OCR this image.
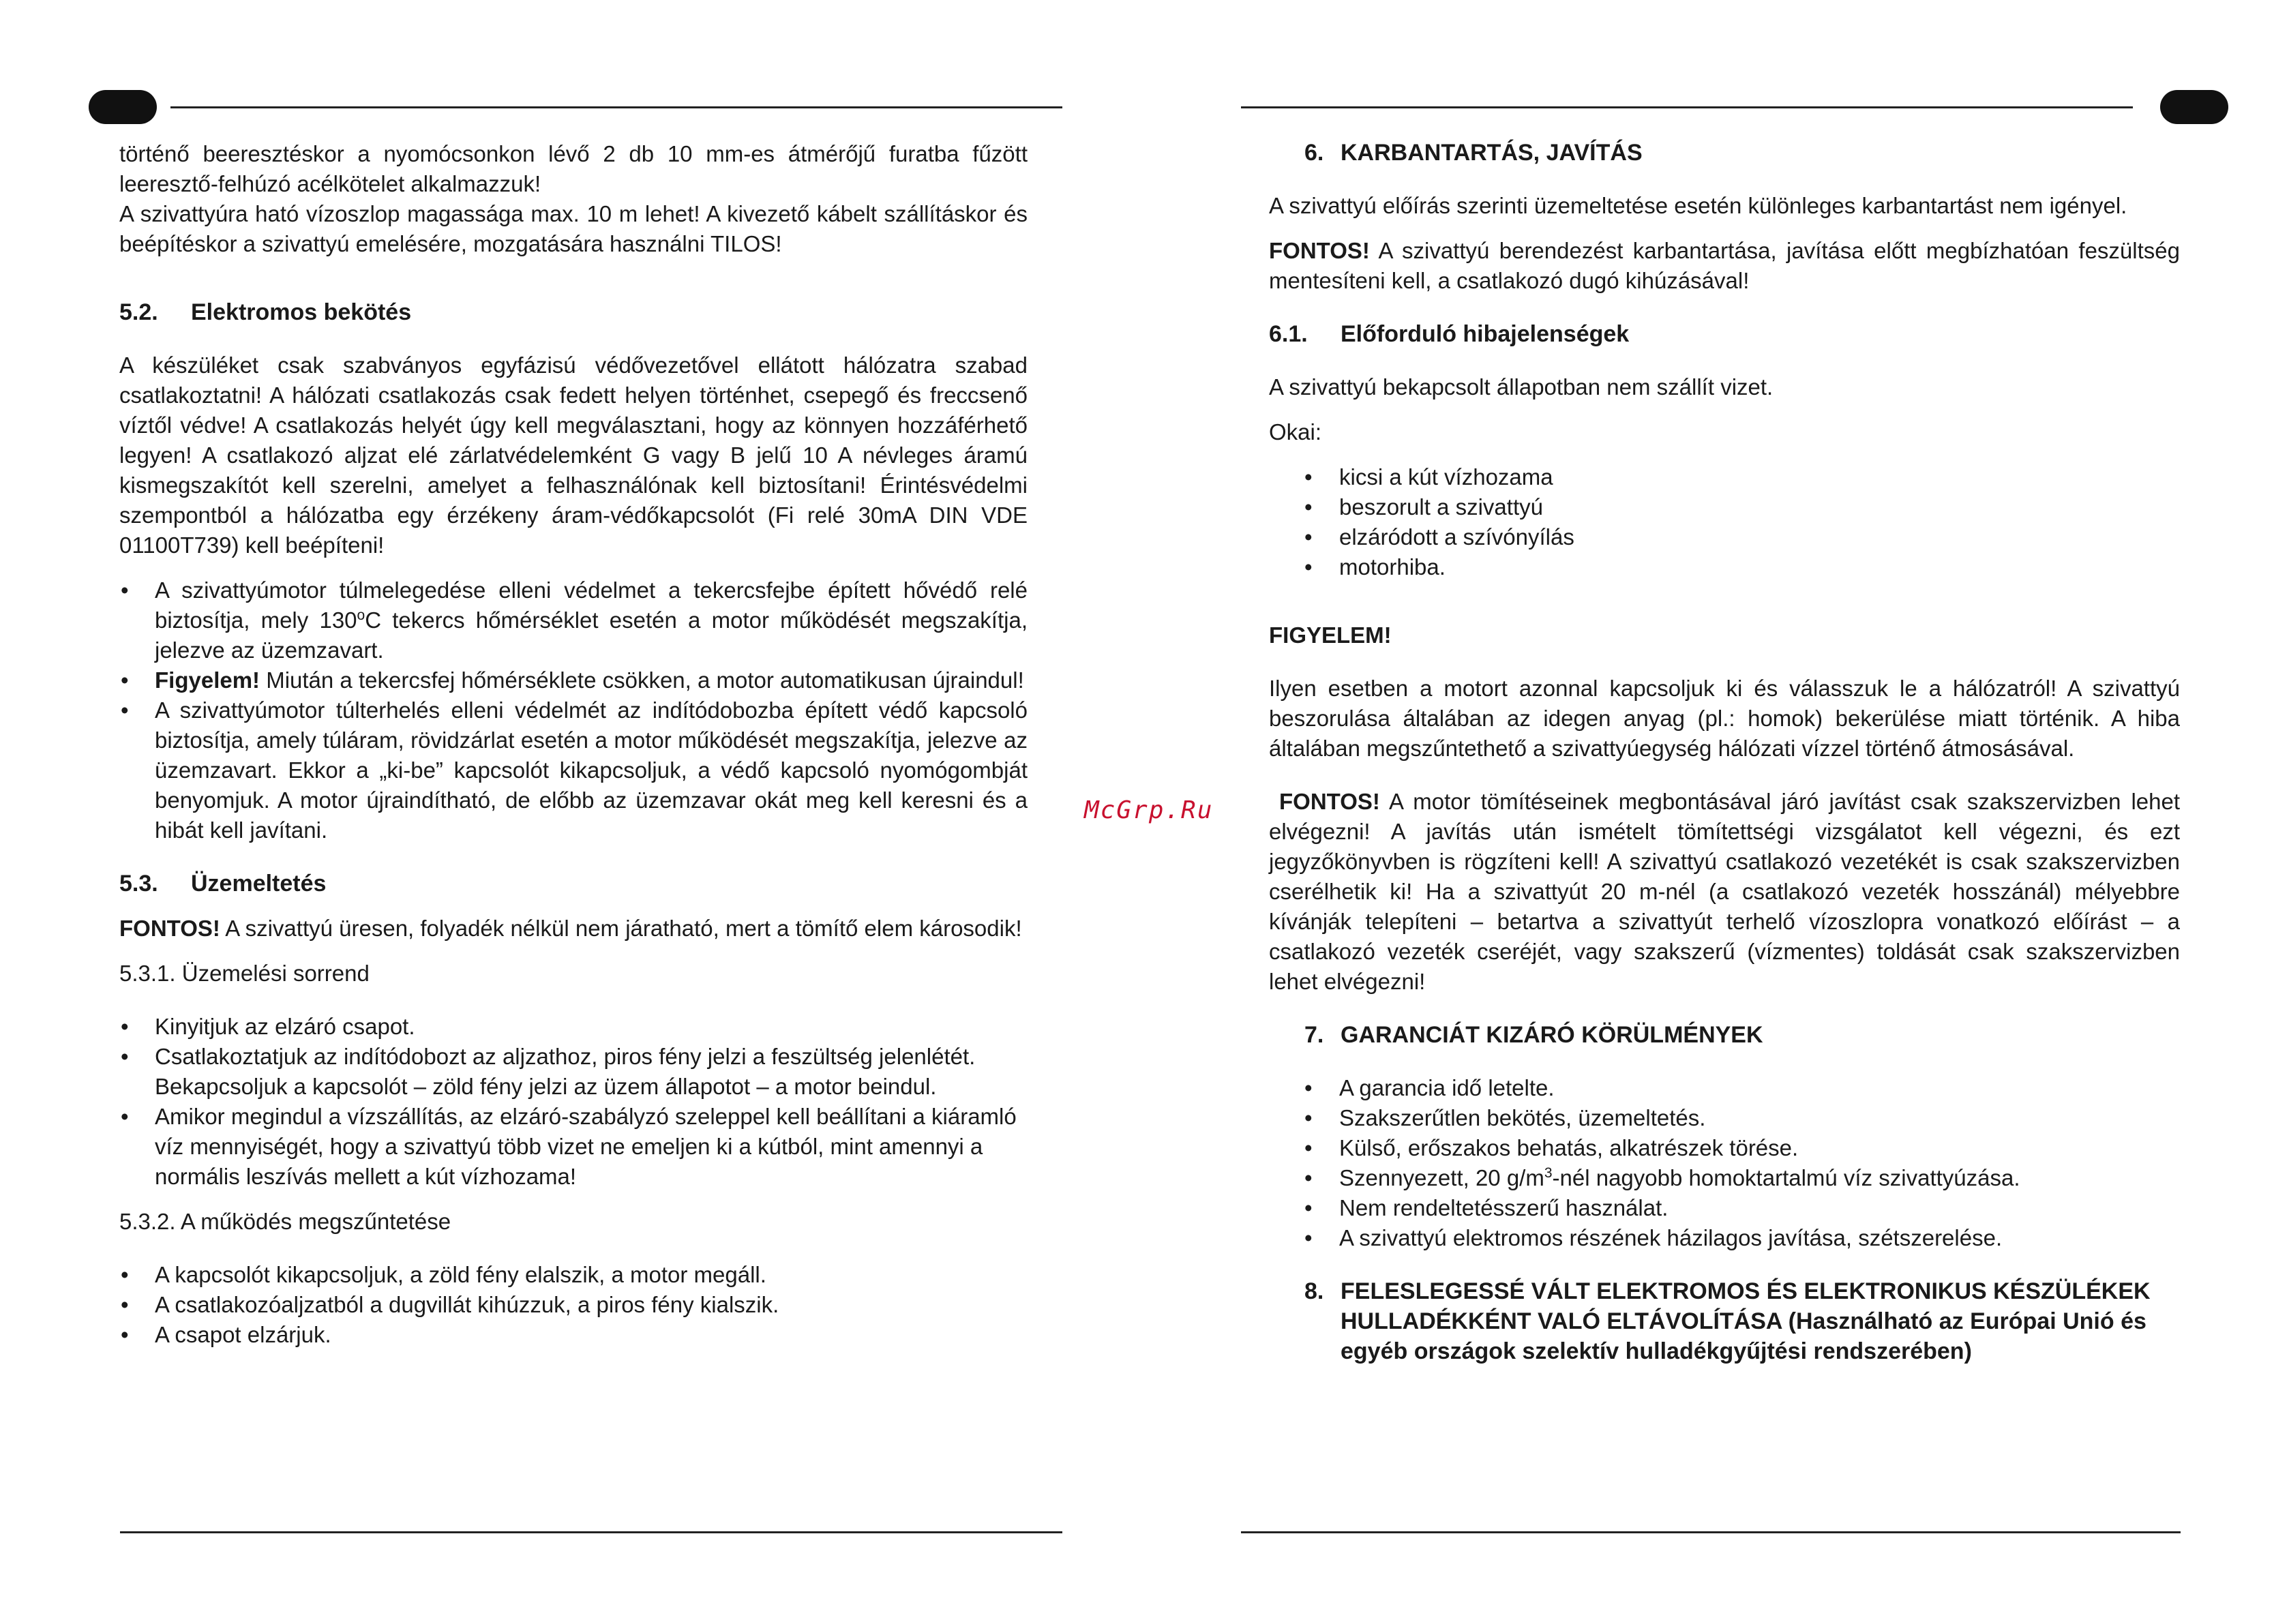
történő beeresztéskor a nyomócsonkon lévő 2 db 10 mm-es átmérőjű furatba fűzött leeresztő-felhúzó acélkötelet alkalmazzuk!

A szivattyúra ható vízoszlop magassága max. 10 m lehet! A kivezető kábelt szállításkor és beépítéskor a szivattyú emelésére, mozgatására használni TILOS!

5.2. Elektromos bekötés

A készüléket csak szabványos egyfázisú védővezetővel ellátott hálózatra szabad csatlakoztatni! A hálózati csatlakozás csak fedett helyen történhet, csepegő és freccsenő víztől védve! A csatlakozás helyét úgy kell megválasztani, hogy az könnyen hozzáférhető legyen! A csatlakozó aljzat elé zárlatvédelemként G vagy B jelű 10 A névleges áramú kismegszakítót kell szerelni, amelyet a felhasználónak kell biztosítani! Érintésvédelmi szempontból a hálózatba egy érzékeny áram-védőkapcsolót (Fi relé 30mA DIN VDE 01100T739) kell beépíteni!

• A szivattyúmotor túlmelegedése elleni védelmet a tekercsfejbe épített hővédő relé biztosítja, mely 130$^o$C tekercs hőmérséklet esetén a motor működését megszakítja, jelezve az üzemzavart.
• Figyelem! Miután a tekercsfej hőmérséklete csökken, a motor automatikusan újraindul!
• A szivattyúmotor túlterhelés elleni védelmét az indítódobozba épített védő kapcsoló biztosítja, amely túláram, rövidzárlat esetén a motor működését megszakítja, jelezve az üzemzavart. Ekkor a „ki-be” kapcsolót kikapcsoljuk, a védő kapcsoló nyomógombját benyomjuk. A motor újraindítható, de előbb az üzemzavar okát meg kell keresni és a hibát kell javítani.
5.3. Üzemeltetés

FONTOS! A szivattyú üresen, folyadék nélkül nem járatható, mert a tömítő elem károsodik!

5.3.1. Üzemelési sorrend

• Kinyitjuk az elzáró csapot.
• Csatlakoztatjuk az indítódobozt az aljzathoz, piros fény jelzi a feszültség jelenlétét. Bekapcsoljuk a kapcsolót – zöld fény jelzi az üzem állapotot – a motor beindul.
• Amikor megindul a vízszállítás, az elzáró-szabályzó szeleppel kell beállítani a kiáramló víz mennyiségét, hogy a szivattyú több vizet ne emeljen ki a kútból, mint amennyi a normális leszívás mellett a kút vízhozama!

5.3.2. A működés megszűntetése

• A kapcsolót kikapcsoljuk, a zöld fény elalszik, a motor megáll.
• A csatlakozóaljzatból a dugvillát kihúzzuk, a piros fény kialszik.
• A csapot elzárjuk.
McGrp.Ru
6. KARBANTARTÁS, JAVÍTÁS

A szivattyú előírás szerinti üzemeltetése esetén különleges karbantartást nem igényel.

FONTOS! A szivattyú berendezést karbantartása, javítása előtt megbízhatóan feszültség mentesíteni kell, a csatlakozó dugó kihúzásával!

6.1. Előforduló hibajelenségek

A szivattyú bekapcsolt állapotban nem szállít vizet.

Okai:

• kicsi a kút vízhozama
• beszorult a szivattyú
• elzáródott a szívónyílás
• motorhiba.

FIGYELEM!

Ilyen esetben a motort azonnal kapcsoljuk ki és válasszuk le a hálózatról! A szivattyú beszorulása általában az idegen anyag (pl.: homok) bekerülése miatt történik. A hiba általában megszűntethető a szivattyúegység hálózati vízzel történő átmosásával.

FONTOS! A motor tömítéseinek megbontásával járó javítást csak szakszervizben lehet elvégezni! A javítás után ismételt tömítettségi vizsgálatot kell végezni, és ezt jegyzőkönyvben is rögzíteni kell! A szivattyú csatlakozó vezetékét is csak szakszervizben cserélhetik ki! Ha a szivattyút 20 m-nél (a csatlakozó vezeték hosszánál) mélyebbre kívánják telepíteni – betartva a szivattyút terhelő vízoszlopra vonatkozó előírást – a csatlakozó vezeték cseréjét, vagy szakszerű (vízmentes) toldását csak szakszervizben lehet elvégezni!

7. GARANCIÁT KIZÁRÓ KÖRÜLMÉNYEK
• A garancia idő letelte.
• Szakszerűtlen bekötés, üzemeltetés.
• Külső, erőszakos behatás, alkatrészek törése.
• Szennyezett, 20 $g/m^3$-nél nagyobb homoktartalmú víz szivattyúzása.
• Nem rendeltetésszerű használat.
• A szivattyú elektromos részének házilagos javítása, szétszerelése.
8. FELESLEGESSÉ VÁLT ELEKTROMOS ÉS ELEKTRONIKUS KÉSZÜLÉKEK HULLADÉKKÉNT VALÓ ELTÁVOLÍTÁSA (Használható az Európai Unió és egyéb országok szelektív hulladékgyűjtési rendszerében)
